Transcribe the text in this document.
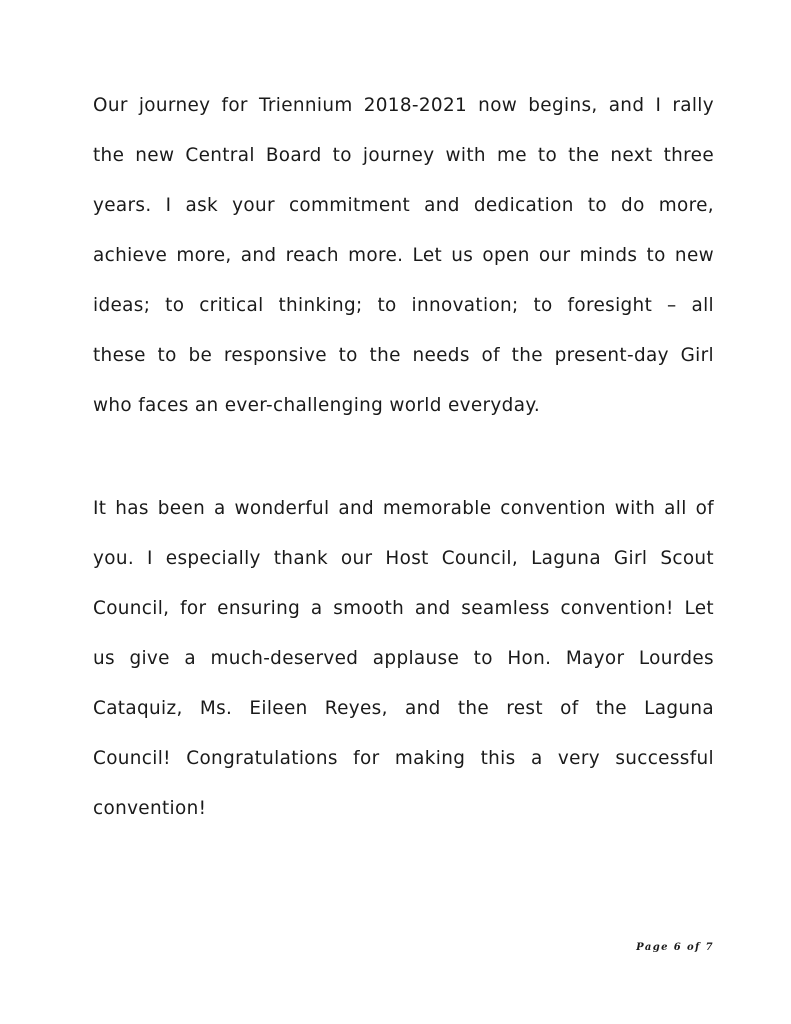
Our journey for Triennium 2018-2021 now begins, and I rally
the new Central Board to journey with me to the next three
years. I ask your commitment and dedication to do more,
achieve more, and reach more. Let us open our minds to new
ideas; to critical thinking; to innovation; to foresight – all
these to be responsive to the needs of the present-day Girl
who faces an ever-challenging world everyday.
It has been a wonderful and memorable convention with all of
you. I especially thank our Host Council, Laguna Girl Scout
Council, for ensuring a smooth and seamless convention! Let
us give a much-deserved applause to Hon. Mayor Lourdes
Cataquiz, Ms. Eileen Reyes, and the rest of the Laguna
Council! Congratulations for making this a very successful
convention!
Page 6 of 7
